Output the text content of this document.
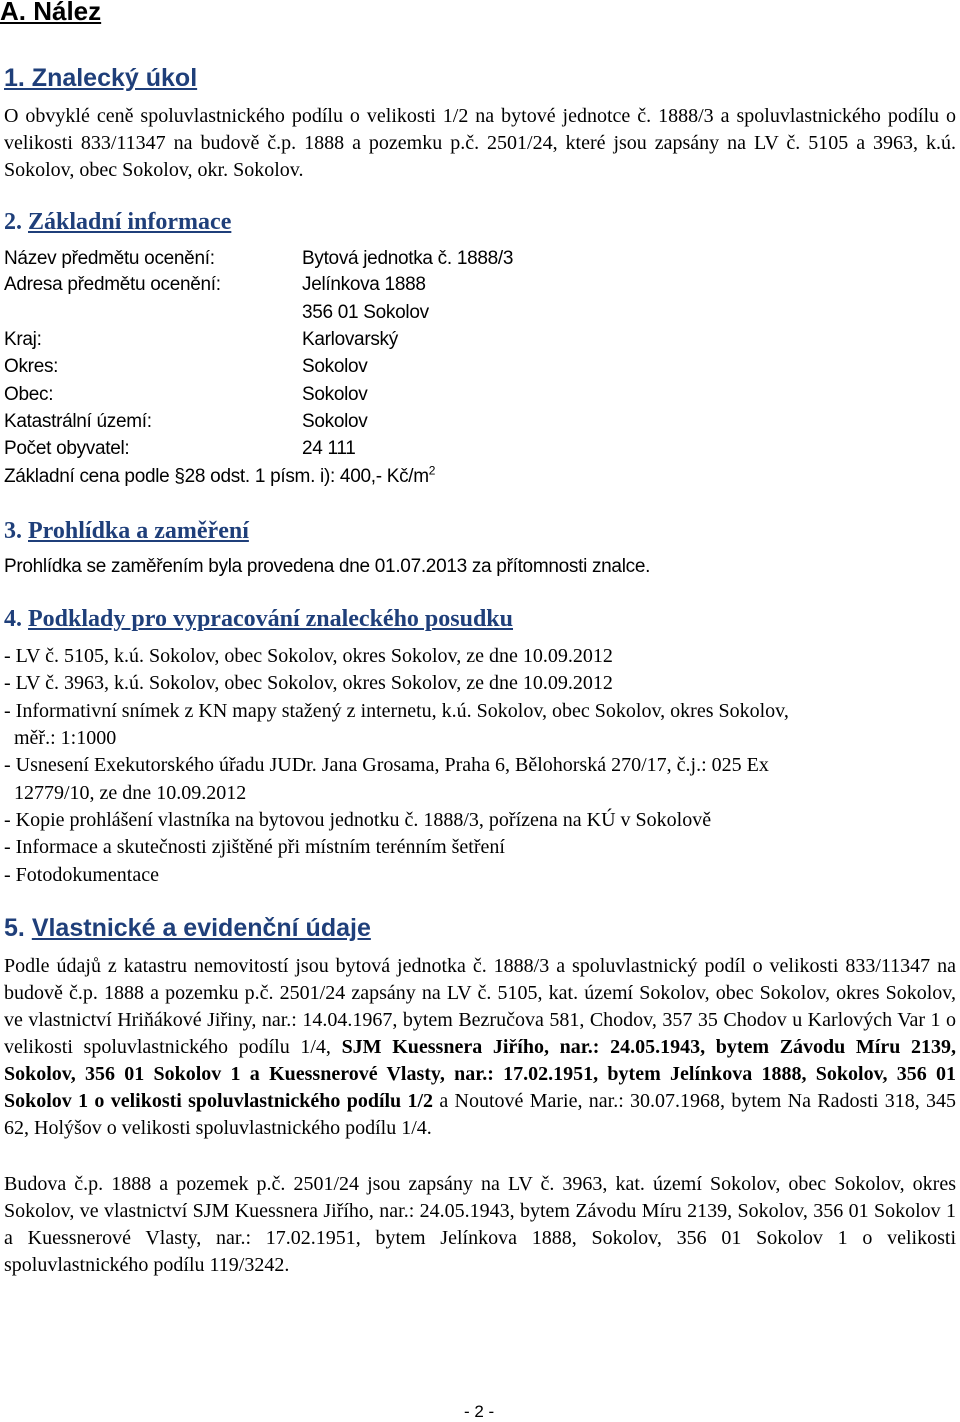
A. Nález
1. Znalecký úkol

O obvyklé ceně spoluvlastnického podílu o velikosti 1/2 na bytové jednotce č. 1888/3 a spoluvlastnického podílu o velikosti 833/11347 na budově č.p. 1888 a pozemku p.č. 2501/24, které jsou zapsány na LV č. 5105 a 3963, k.ú. Sokolov, obec Sokolov, okr. Sokolov.

2. Základní informace
Název předmětu ocenění:	Bytová jednotka č. 1888/3
Adresa předmětu ocenění:	Jelínkova 1888
356 01 Sokolov
Kraj:	Karlovarský
Okres:	Sokolov
Obec:	Sokolov
Katastrální území:	Sokolov
Počet obyvatel:	24 111
Základní cena podle §28 odst. 1 písm. i): 400,- $Kč/m^2$
3. Prohlídka a zaměření
Prohlídka se zaměřením byla provedena dne 01.07.2013 za přítomnosti znalce.
4. Podklady pro vypracování znaleckého posudku
- LV č. 5105, k.ú. Sokolov, obec Sokolov, okres Sokolov, ze dne 10.09.2012
- LV č. 3963, k.ú. Sokolov, obec Sokolov, okres Sokolov, ze dne 10.09.2012
- Informativní snímek z KN mapy stažený z internetu, k.ú. Sokolov, obec Sokolov, okres Sokolov,
měř.: 1:1000
- Usnesení Exekutorského úřadu JUDr. Jana Grosama, Praha 6, Bělohorská 270/17, č.j.: 025 Ex
12779/10, ze dne 10.09.2012
- Kopie prohlášení vlastníka na bytovou jednotku č. 1888/3, pořízena na KÚ v Sokolově
- Informace a skutečnosti zjištěné při místním terénním šetření
- Fotodokumentace
5. Vlastnické a evidenční údaje

Podle údajů z katastru nemovitostí jsou bytová jednotka č. 1888/3 a spoluvlastnický podíl o velikosti 833/11347 na budově č.p. 1888 a pozemku p.č. 2501/24 zapsány na LV č. 5105, kat. území Sokolov, obec Sokolov, okres Sokolov, ve vlastnictví Hriňákové Jiřiny, nar.: 14.04.1967, bytem Bezručova 581, Chodov, 357 35 Chodov u Karlových Var 1 o velikosti spoluvlastnického podílu 1/4, SJM Kuessnera Jiřího, nar.: 24.05.1943, bytem Závodu Míru 2139, Sokolov, 356 01 Sokolov 1 a Kuessnerové Vlasty, nar.: 17.02.1951, bytem Jelínkova 1888, Sokolov, 356 01 Sokolov 1 o velikosti spoluvlastnického podílu 1/2 a Noutové Marie, nar.: 30.07.1968, bytem Na Radosti 318, 345 62, Holýšov o velikosti spoluvlastnického podílu 1/4.

Budova č.p. 1888 a pozemek p.č. 2501/24 jsou zapsány na LV č. 3963, kat. území Sokolov, obec Sokolov, okres Sokolov, ve vlastnictví SJM Kuessnera Jiřího, nar.: 24.05.1943, bytem Závodu Míru 2139, Sokolov, 356 01 Sokolov 1 a Kuessnerové Vlasty, nar.: 17.02.1951, bytem Jelínkova 1888, Sokolov, 356 01 Sokolov 1 o velikosti spoluvlastnického podílu 119/3242.

- 2 -
